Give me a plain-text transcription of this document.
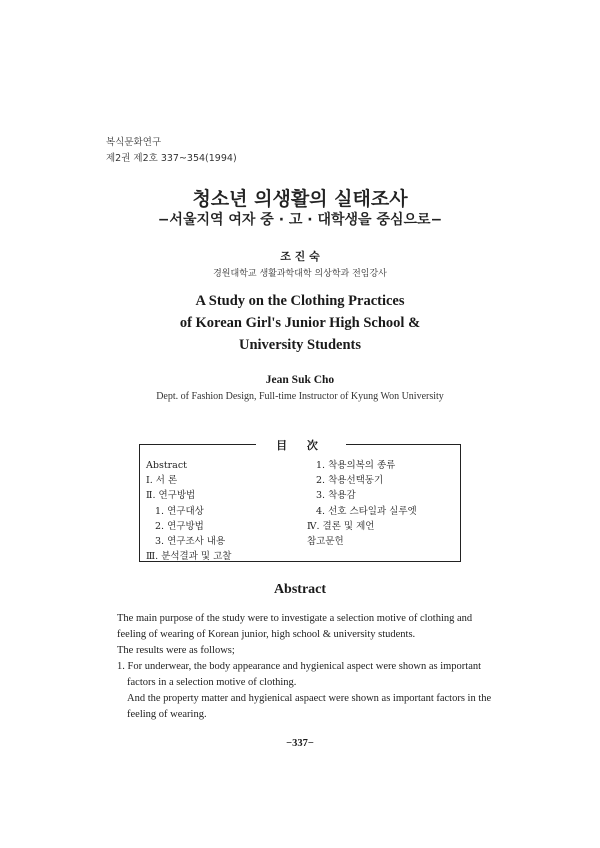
복식문화연구
제2권 제2호 337~354(1994)
청소년 의생활의 실태조사
−서울지역 여자 중 · 고 · 대학생을 중심으로−
조 진 숙
경원대학교 생활과학대학 의상학과 전임강사
A Study on the Clothing Practices
of Korean Girl's Junior High School &
University Students
Jean Suk Cho
Dept. of Fashion Design, Full-time Instructor of Kyung Won University
目 次
Abstract
Ⅰ. 서 론
Ⅱ. 연구방법
1. 연구대상
2. 연구방법
3. 연구조사 내용
Ⅲ. 분석결과 및 고찰
1. 착용의복의 종류
2. 착용선택동기
3. 착용감
4. 선호 스타일과 실루엣
Ⅳ. 결론 및 제언
참고문헌
Abstract

The main purpose of the study were to investigate a selection motive of clothing and feeling of wearing of Korean junior, high school & university students.

The results were as follows;

1. For underwear, the body appearance and hygienical aspect were shown as important factors in a selection motive of clothing.

And the property matter and hygienical aspaect were shown as important factors in the feeling of wearing.

−337−
